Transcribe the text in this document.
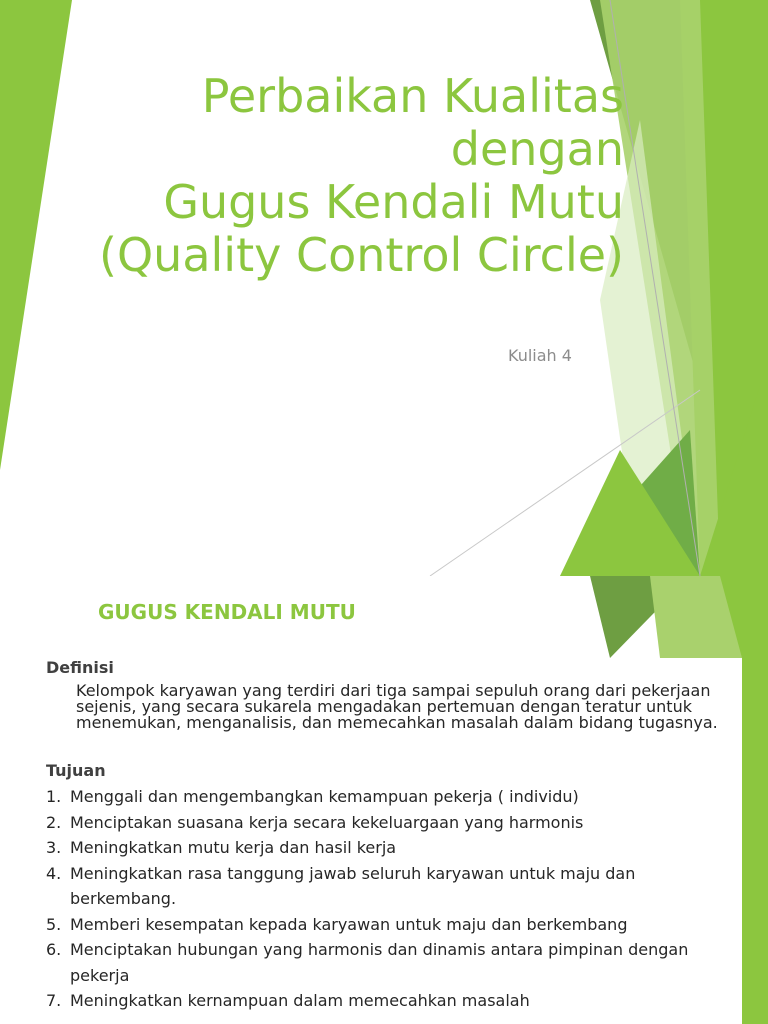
Perbaikan Kualitas
dengan
Gugus Kendali Mutu
(Quality Control Circle)
Kuliah 4
GUGUS KENDALI MUTU
Definisi
Kelompok karyawan yang terdiri dari tiga sampai sepuluh orang dari pekerjaan sejenis, yang secara sukarela mengadakan pertemuan dengan teratur untuk menemukan, menganalisis, dan memecahkan masalah dalam bidang tugasnya.
Tujuan
1. Menggali dan mengembangkan kemampuan pekerja ( individu)
2. Menciptakan suasana kerja secara kekeluargaan yang harmonis
3. Meningkatkan mutu kerja dan hasil kerja
4. Meningkatkan rasa tanggung jawab seluruh karyawan untuk maju dan berkembang.
5. Memberi kesempatan kepada karyawan untuk maju dan berkembang
6. Menciptakan hubungan yang harmonis dan dinamis antara pimpinan dengan pekerja
7. Meningkatkan kernampuan dalam memecahkan masalah
